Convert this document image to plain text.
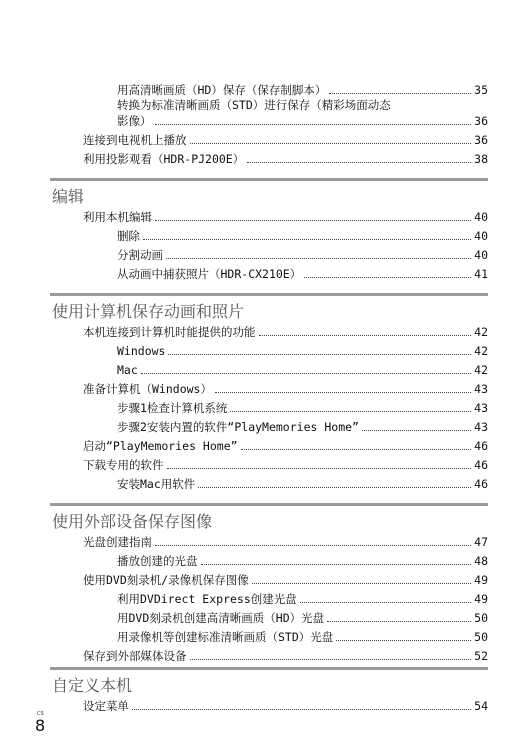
用高清晰画质（HD）保存（保存制脚本）	35
转换为标准清晰画质（STD）进行保存（精彩场面动态
影像）	36
连接到电视机上播放	36
利用投影观看（HDR-PJ200E）	38
编辑
利用本机编辑	40
删除	40
分割动画	40
从动画中捕获照片（HDR-CX210E）	41
使用计算机保存动画和照片
本机连接到计算机时能提供的功能	42
Windows	42
Mac	42
准备计算机（Windows）	43
步骤1检查计算机系统	43
步骤2安装内置的软件“PlayMemories Home”	43
启动“PlayMemories Home”	46
下载专用的软件	46
安装Mac用软件	46
使用外部设备保存图像
光盘创建指南	47
播放创建的光盘	48
使用DVD刻录机/录像机保存图像	49
利用DVDirect Express创建光盘	49
用DVD刻录机创建高清晰画质（HD）光盘	50
用录像机等创建标准清晰画质（STD）光盘	50
保存到外部媒体设备	52
自定义本机
设定菜单	54
CS
8
